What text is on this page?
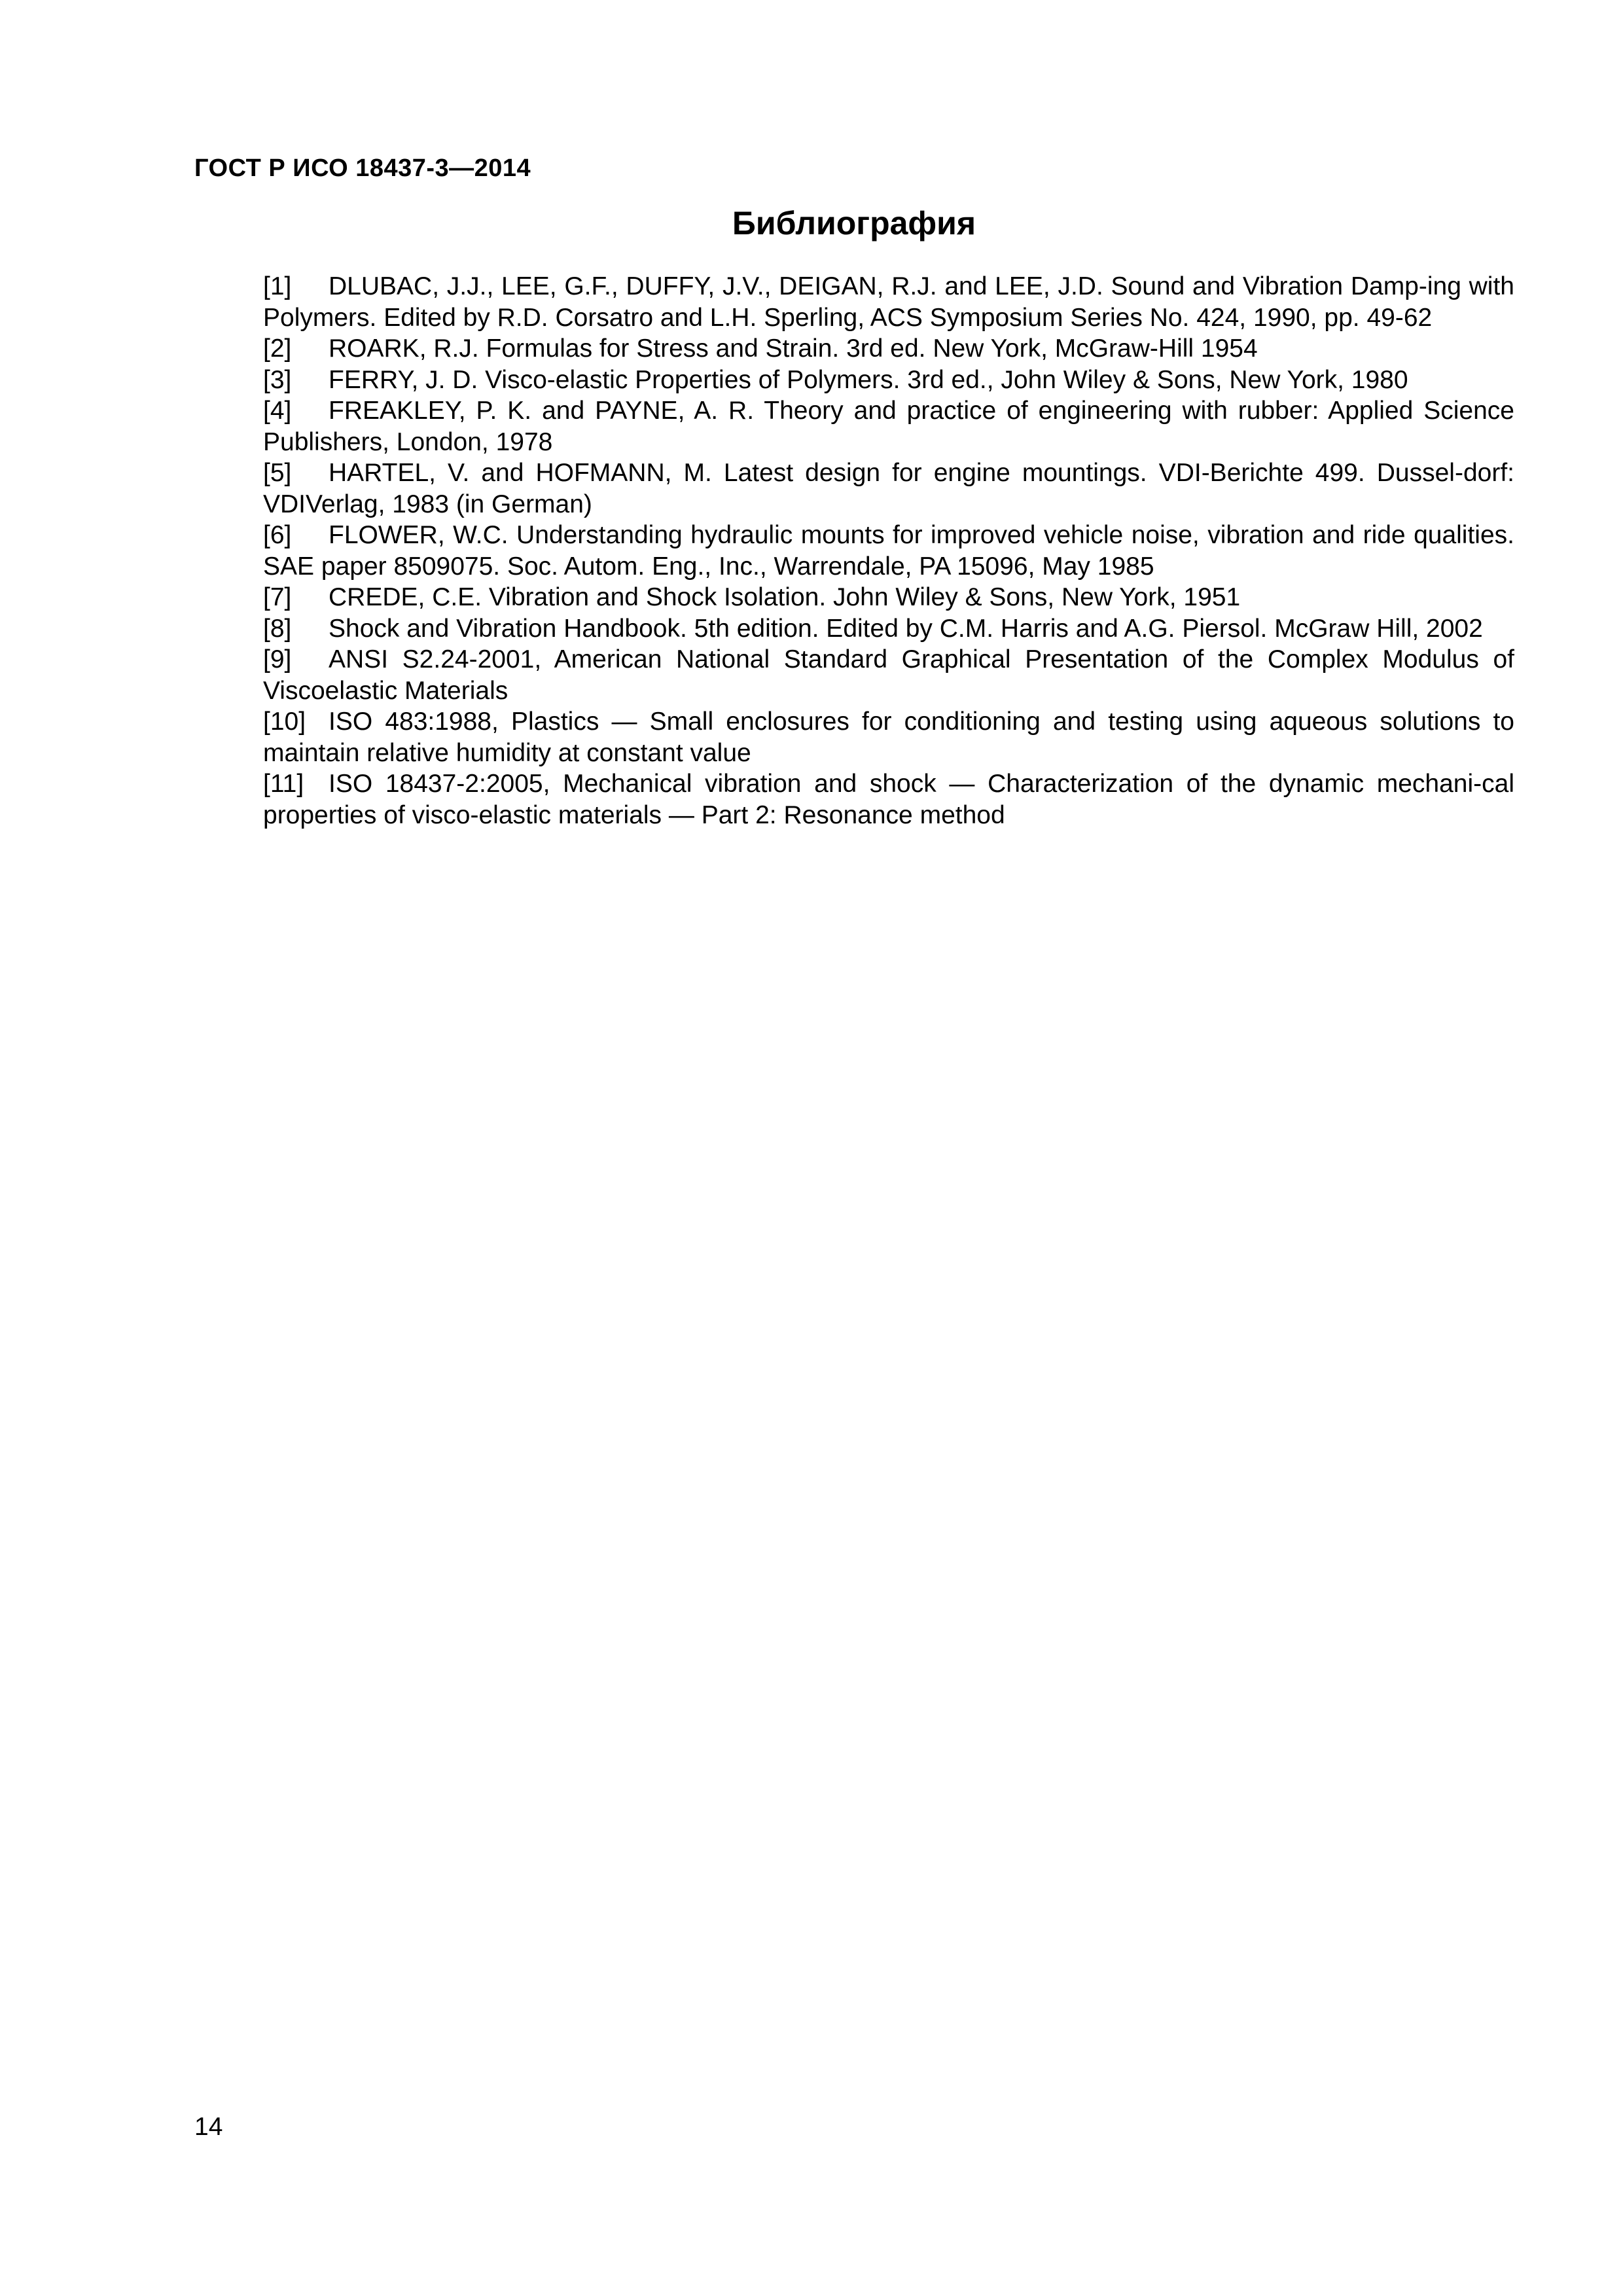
ГОСТ Р ИСО 18437-3—2014
Библиография
[1] DLUBAC, J.J., LEE, G.F., DUFFY, J.V., DEIGAN, R.J. and LEE, J.D. Sound and Vibration Damp-ing with Polymers. Edited by R.D. Corsatro and L.H. Sperling, ACS Symposium Series No. 424, 1990, pp. 49-62
[2] ROARK, R.J. Formulas for Stress and Strain. 3rd ed. New York, McGraw-Hill 1954
[3] FERRY, J. D. Visco-elastic Properties of Polymers. 3rd ed., John Wiley & Sons, New York, 1980
[4] FREAKLEY, P. K. and PAYNE, A. R. Theory and practice of engineering with rubber: Applied Science Publishers, London, 1978
[5] HARTEL, V. and HOFMANN, M. Latest design for engine mountings. VDI-Berichte 499. Dussel-dorf: VDIVerlag, 1983 (in German)
[6] FLOWER, W.C. Understanding hydraulic mounts for improved vehicle noise, vibration and ride qualities. SAE paper 8509075. Soc. Autom. Eng., Inc., Warrendale, PA 15096, May 1985
[7] CREDE, C.E. Vibration and Shock Isolation. John Wiley & Sons, New York, 1951
[8] Shock and Vibration Handbook. 5th edition. Edited by C.M. Harris and A.G. Piersol. McGraw Hill, 2002
[9] ANSI S2.24-2001, American National Standard Graphical Presentation of the Complex Modulus of Viscoelastic Materials
[10] ISO 483:1988, Plastics — Small enclosures for conditioning and testing using aqueous solutions to maintain relative humidity at constant value
[11] ISO 18437-2:2005, Mechanical vibration and shock — Characterization of the dynamic mechani-cal properties of visco-elastic materials — Part 2: Resonance method
14
